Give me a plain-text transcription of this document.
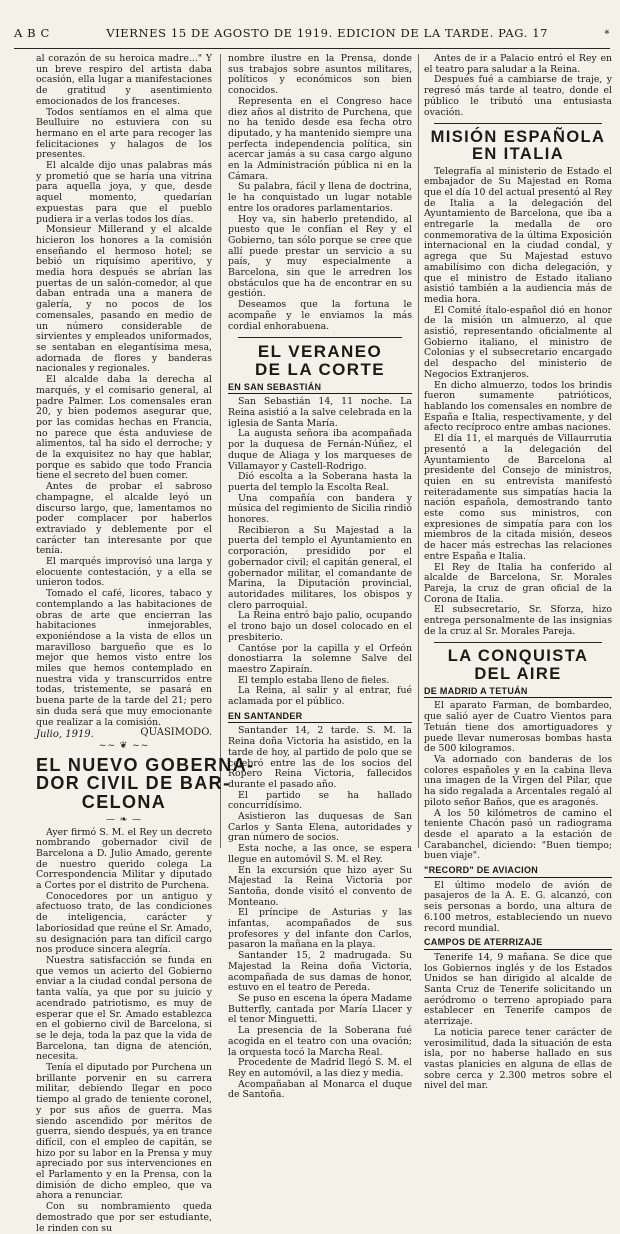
A B C	VIERNES 15 DE AGOSTO DE 1919. EDICION DE LA TARDE. PAG. 17	*

al corazón de su heroica madre..." Y un breve respiro del artista daba ocasión, ella lugar a manifestaciones de gratitud y asentimiento emocionados de los franceses.

Todos sentíamos en el alma que Beulluire no estuviera con su hermano en el arte para recoger las felicitaciones y halagos de los presentes.

El alcalde dijo unas palabras más y prometió que se haría una vitrina para aquella joya, y que, desde aquel momento, quedarían expuestas para que el pueblo pudiera ir a verlas todos los días.

Monsieur Millerand y el alcalde hicieron los honores a la comisión enseñando el hermoso hotel; se bebió un riquísimo aperitivo, y media hora después se abrían las puertas de un salón-comedor, al que daban entrada una a manera de galería, y no pocos de los comensales, pasando en medio de un número considerable de sirvientes y empleados uniformados, se sentaban en elegantísima mesa, adornada de flores y banderas nacionales y regionales.

El alcalde daba la derecha al marqués, y el comisario general, al padre Palmer. Los comensales eran 20, y bien podemos asegurar que, por las comidas hechas en Francia, no parece que ésta anduviese de alimentos, tal ha sido el derroche; y de la exquisitez no hay que hablar, porque es sabido que todo Francia tiene el secreto del buen comer.

Antes de probar el sabroso champagne, el alcalde leyó un discurso largo, que, lamentamos no poder complacer por haberlos extraviado y deblemente por el carácter tan interesante por que tenía.

El marqués improvisó una larga y elocuente contestación, y a ella se unieron todos.

Tomado el café, licores, tabaco y contemplando a las habitaciones de obras de arte que encierran las habitaciones inmejorables, exponiéndose a la vista de ellos un maravilloso bargueño que es lo mejor que hemos visto entre los miles que hemos contemplado en nuestra vida y transcurridos entre todas, tristemente, se pasará en buena parte de la tarde del 21; pero sin duda será que muy emocionante que realizar a la comisión.

Julio, 1919.	QUASIMODO.

~~ ❦ ~~
EL NUEVO GOBERNA-
DOR CIVIL DE BAR-
CELONA
— ❧ —

Ayer firmó S. M. el Rey un decreto nombrando gobernador civil de Barcelona a D. Julio Amado, gerente de nuestro querido colega La Correspondencia Militar y diputado a Cortes por el distrito de Purchena.

Conocedores por un antiguo y afectuoso trato, de las condiciones de inteligencia, carácter y laboriosidad que reúne el Sr. Amado, su designación para tan difícil cargo nos produce sincera alegría.

Nuestra satisfacción se funda en que vemos un acierto del Gobierno enviar a la ciudad condal persona de tanta valía, ya que por su juicio y acendrado patriotismo, es muy de esperar que el Sr. Amado establezca en el gobierno civil de Barcelona, si se le deja, toda la paz que la vida de Barcelona, tan digna de atención, necesita.

Tenía el diputado por Purchena un brillante porvenir en su carrera militar, debiendo llegar en poco tiempo al grado de teniente coronel, y por sus años de guerra. Mas siendo ascendido por méritos de guerra, siendo después, ya en trance difícil, con el empleo de capitán, se hizo por su labor en la Prensa y muy apreciado por sus intervenciones en el Parlamento y en la Prensa, con la dimisión de dicho empleo, que va ahora a renunciar.

Con su nombramiento queda demostrado que por ser estudiante, le rinden con su

nombre ilustre en la Prensa, donde sus trabajos sobre asuntos militares, políticos y económicos son bien conocidos.

Representa en el Congreso hace diez años al distrito de Purchena, que no ha tenido desde esa fecha otro diputado, y ha mantenido siempre una perfecta independencia política, sin acercar jamás a su casa cargo alguno en la Administración pública ni en la Cámara.

Su palabra, fácil y llena de doctrina, le ha conquistado un lugar notable entre los oradores parlamentarios.

Hoy va, sin haberlo pretendido, al puesto que le confían el Rey y el Gobierno, tan sólo porque se cree que allí puede prestar un servicio a su país, y muy especialmente a Barcelona, sin que le arredren los obstáculos que ha de encontrar en su gestión.

Deseamos que la fortuna le acompañe y le enviamos la más cordial enhorabuena.

EL VERANEO
DE LA CORTE
EN SAN SEBASTIÁN

San Sebastián 14, 11 noche. La Reina asistió a la salve celebrada en la iglesia de Santa María.

La augusta señora iba acompañada por la duquesa de Fernán-Núñez, el duque de Aliaga y los marqueses de Villamayor y Castell-Rodrigo.

Dió escolta a la Soberana hasta la puerta del templo la Escolta Real.

Una compañía con bandera y música del regimiento de Sicilia rindió honores.

Recibieron a Su Majestad a la puerta del templo el Ayuntamiento en corporación, presidido por el gobernador civil; el capitán general, el gobernador militar, el comandante de Marina, la Diputación provincial, autoridades militares, los obispos y clero parroquial.

La Reina entró bajo palio, ocupando el trono bajo un dosel colocado en el presbiterio.

Cantóse por la capilla y el Orfeón donostiarra la solemne Salve del maestro Zapiraín.

El templo estaba lleno de fieles.

La Reina, al salir y al entrar, fué aclamada por el público.

EN SANTANDER

Santander 14, 2 tarde. S. M. la Reina doña Victoria ha asistido, en la tarde de hoy, al partido de polo que se celebró entre las de los socios del Ropero Reina Victoria, fallecidos durante el pasado año.

El partido se ha hallado concurridísimo.

Asistieron las duquesas de San Carlos y Santa Elena, autoridades y gran número de socios.

Esta noche, a las once, se espera llegue en automóvil S. M. el Rey.

En la excursión que hizo ayer Su Majestad la Reina Victoria por Santoña, donde visitó el convento de Monteano.

El príncipe de Asturias y las infantas, acompañados de sus profesores y del infante don Carlos, pasaron la mañana en la playa.

Santander 15, 2 madrugada. Su Majestad la Reina doña Victoria, acompañada de sus damas de honor, estuvo en el teatro de Pereda.

Se puso en escena la ópera Madame Butterfly, cantada por María Llacer y el tenor Minguetti.

La presencia de la Soberana fué acogida en el teatro con una ovación; la orquesta tocó la Marcha Real.

Procedente de Madrid llegó S. M. el Rey en automóvil, a las diez y media.

Acompañaban al Monarca el duque de Santoña.

Antes de ir a Palacio entró el Rey en el teatro para saludar a la Reina.

Después fué a cambiarse de traje, y regresó más tarde al teatro, donde el público le tributó una entusiasta ovación.

MISIÓN ESPAÑOLA
EN ITALIA

Telegrafía al ministerio de Estado el embajador de Su Majestad en Roma que el día 10 del actual presentó al Rey de Italia a la delegación del Ayuntamiento de Barcelona, que iba a entregarle la medalla de oro conmemorativa de la última Exposición internacional en la ciudad condal, y agrega que Su Majestad estuvo amabilísimo con dicha delegación, y que el ministro de Estado italiano asistió también a la audiencia más de media hora.

El Comité ítalo-español dió en honor de la misión un almuerzo, al que asistió, representando oficialmente al Gobierno italiano, el ministro de Colonias y el subsecretario encargado del despacho del ministerio de Negocios Extranjeros.

En dicho almuerzo, todos los brindis fueron sumamente patrióticos, hablando los comensales en nombre de España e Italia, respectivamente, y del afecto recíproco entre ambas naciones.

El día 11, el marqués de Villaurrutia presentó a la delegación del Ayuntamiento de Barcelona al presidente del Consejo de ministros, quien en su entrevista manifestó reiteradamente sus simpatías hacia la nación española, demostrando tanto este como sus ministros, con expresiones de simpatía para con los miembros de la citada misión, deseos de hacer más estrechas las relaciones entre España e Italia.

El Rey de Italia ha conferido al alcalde de Barcelona, Sr. Morales Pareja, la cruz de gran oficial de la Corona de Italia.

El subsecretario, Sr. Sforza, hizo entrega personalmente de las insignias de la cruz al Sr. Morales Pareja.

LA CONQUISTA
DEL AIRE
DE MADRID A TETUÁN

El aparato Farman, de bombardeo, que salió ayer de Cuatro Vientos para Tetuán tiene dos amortiguadores y puede llevar numerosas bombas hasta de 500 kilogramos.

Va adornado con banderas de los colores españoles y en la cabina lleva una imagen de la Virgen del Pilar, que ha sido regalada a Arcentales regaló al piloto señor Baños, que es aragonés.

A los 50 kilómetros de camino el teniente Chacón pasó un radiograma desde el aparato a la estación de Carabanchel, diciendo: "Buen tiempo; buen viaje".

"RECORD" DE AVIACION

El último modelo de avión de pasajeros de la A. E. G. alcanzó, con seis personas a bordo, una altura de 6.100 metros, estableciendo un nuevo record mundial.

CAMPOS DE ATERRIZAJE

Tenerife 14, 9 mañana. Se dice que los Gobiernos inglés y de los Estados Unidos se han dirigido al alcalde de Santa Cruz de Tenerife solicitando un aeródromo o terreno apropiado para establecer en Tenerife campos de aterrizaje.

La noticia parece tener carácter de verosimilitud, dada la situación de esta isla, por no haberse hallado en sus vastas planicies en alguna de ellas de sobre cerca y 2.300 metros sobre el nivel del mar.
